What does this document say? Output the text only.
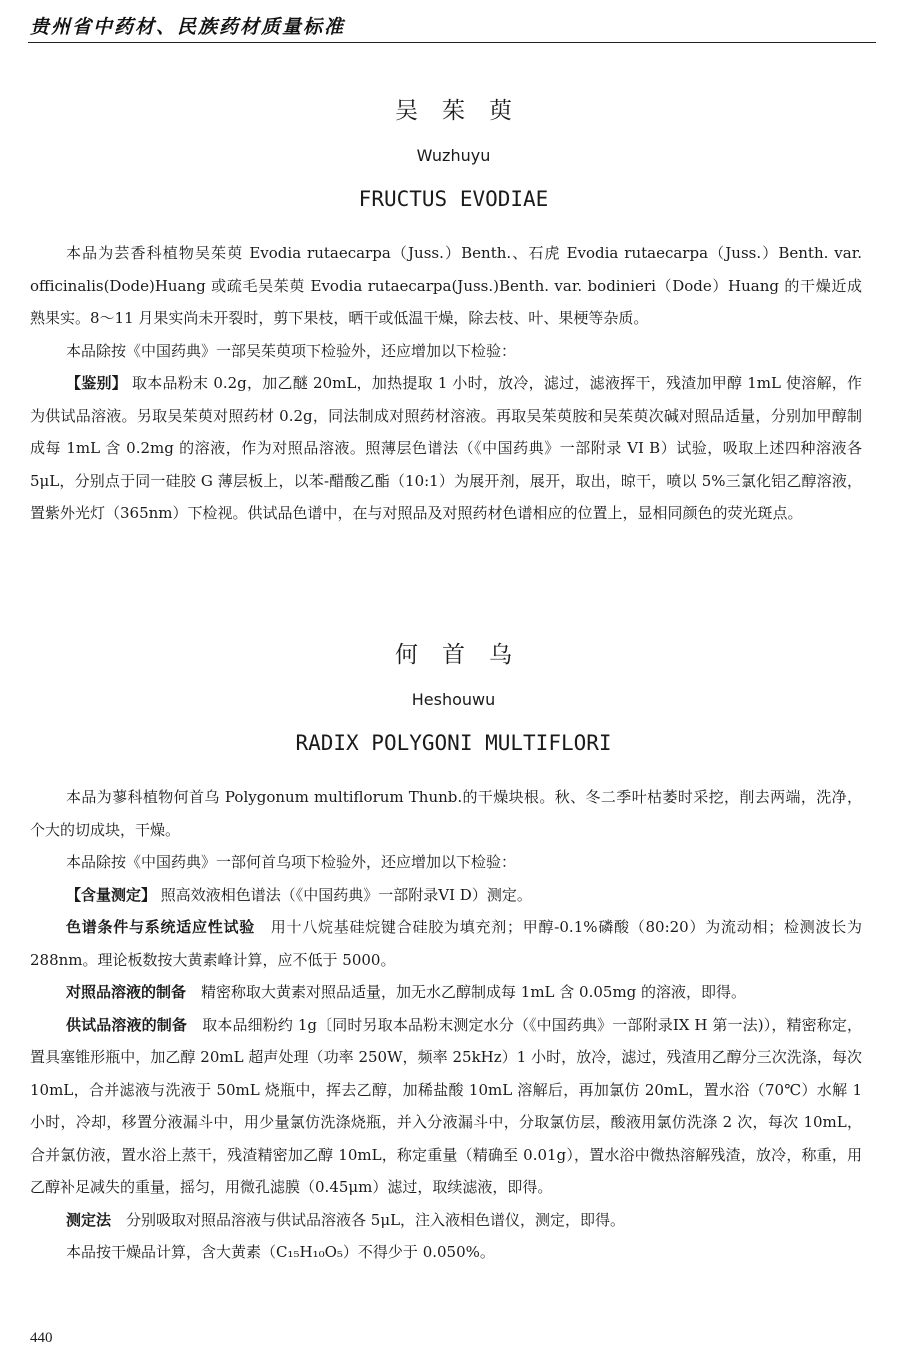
贵州省中药材、民族药材质量标准
吴茱萸
Wuzhuyu
FRUCTUS EVODIAE

本品为芸香科植物吴茱萸 Evodia rutaecarpa（Juss.）Benth.、石虎 Evodia rutaecarpa（Juss.）Benth. var. officinalis(Dode)Huang 或疏毛吴茱萸 Evodia rutaecarpa(Juss.)Benth. var. bodinieri（Dode）Huang 的干燥近成熟果实。8～11 月果实尚未开裂时，剪下果枝，晒干或低温干燥，除去枝、叶、果梗等杂质。

本品除按《中国药典》一部吴茱萸项下检验外，还应增加以下检验：

【鉴别】 取本品粉末 0.2g，加乙醚 20mL，加热提取 1 小时，放冷，滤过，滤液挥干，残渣加甲醇 1mL 使溶解，作为供试品溶液。另取吴茱萸对照药材 0.2g，同法制成对照药材溶液。再取吴茱萸胺和吴茱萸次碱对照品适量，分别加甲醇制成每 1mL 含 0.2mg 的溶液，作为对照品溶液。照薄层色谱法（《中国药典》一部附录 VI B）试验，吸取上述四种溶液各 5μL，分别点于同一硅胶 G 薄层板上，以苯-醋酸乙酯（10:1）为展开剂，展开，取出，晾干，喷以 5%三氯化铝乙醇溶液，置紫外光灯（365nm）下检视。供试品色谱中，在与对照品及对照药材色谱相应的位置上，显相同颜色的荧光斑点。

何首乌
Heshouwu
RADIX POLYGONI MULTIFLORI

本品为蓼科植物何首乌 Polygonum multiflorum Thunb.的干燥块根。秋、冬二季叶枯萎时采挖，削去两端，洗净，个大的切成块，干燥。

本品除按《中国药典》一部何首乌项下检验外，还应增加以下检验：

【含量测定】 照高效液相色谱法（《中国药典》一部附录VI D）测定。

色谱条件与系统适应性试验　用十八烷基硅烷键合硅胶为填充剂；甲醇-0.1%磷酸（80:20）为流动相；检测波长为 288nm。理论板数按大黄素峰计算，应不低于 5000。

对照品溶液的制备　精密称取大黄素对照品适量，加无水乙醇制成每 1mL 含 0.05mg 的溶液，即得。

供试品溶液的制备　取本品细粉约 1g〔同时另取本品粉末测定水分（《中国药典》一部附录IX H 第一法)），精密称定，置具塞锥形瓶中，加乙醇 20mL 超声处理（功率 250W，频率 25kHz）1 小时，放冷，滤过，残渣用乙醇分三次洗涤，每次 10mL，合并滤液与洗液于 50mL 烧瓶中，挥去乙醇，加稀盐酸 10mL 溶解后，再加氯仿 20mL，置水浴（70℃）水解 1 小时，冷却，移置分液漏斗中，用少量氯仿洗涤烧瓶，并入分液漏斗中，分取氯仿层，酸液用氯仿洗涤 2 次，每次 10mL，合并氯仿液，置水浴上蒸干，残渣精密加乙醇 10mL，称定重量（精确至 0.01g），置水浴中微热溶解残渣，放冷，称重，用乙醇补足减失的重量，摇匀，用微孔滤膜（0.45μm）滤过，取续滤液，即得。

测定法　分别吸取对照品溶液与供试品溶液各 5μL，注入液相色谱仪，测定，即得。

本品按干燥品计算，含大黄素（C₁₅H₁₀O₅）不得少于 0.050%。

440
